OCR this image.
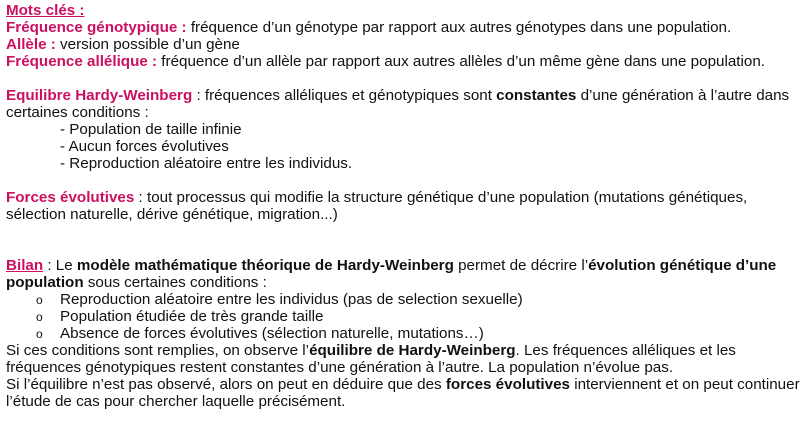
Mots clés :
Fréquence génotypique : fréquence d’un génotype par rapport aux autres génotypes dans une population.
Allèle : version possible d’un gène
Fréquence allélique : fréquence d’un allèle par rapport aux autres allèles d’un même gène dans une population.
Equilibre Hardy-Weinberg : fréquences alléliques et génotypiques sont constantes d’une génération à l’autre dans
certaines conditions :
- Population de taille infinie
- Aucun forces évolutives
- Reproduction aléatoire entre les individus.
Forces évolutives : tout processus qui modifie la structure génétique d’une population (mutations génétiques,
sélection naturelle, dérive génétique, migration...)
Bilan : Le modèle mathématique théorique de Hardy-Weinberg permet de décrire l’évolution génétique d’une
population sous certaines conditions :
o Reproduction aléatoire entre les individus (pas de selection sexuelle)
o Population étudiée de très grande taille
o Absence de forces évolutives (sélection naturelle, mutations…)
Si ces conditions sont remplies, on observe l’équilibre de Hardy-Weinberg. Les fréquences alléliques et les
fréquences génotypiques restent constantes d’une génération à l’autre. La population n’évolue pas.
Si l’équilibre n’est pas observé, alors on peut en déduire que des forces évolutives interviennent et on peut continuer
l’étude de cas pour chercher laquelle précisément.
